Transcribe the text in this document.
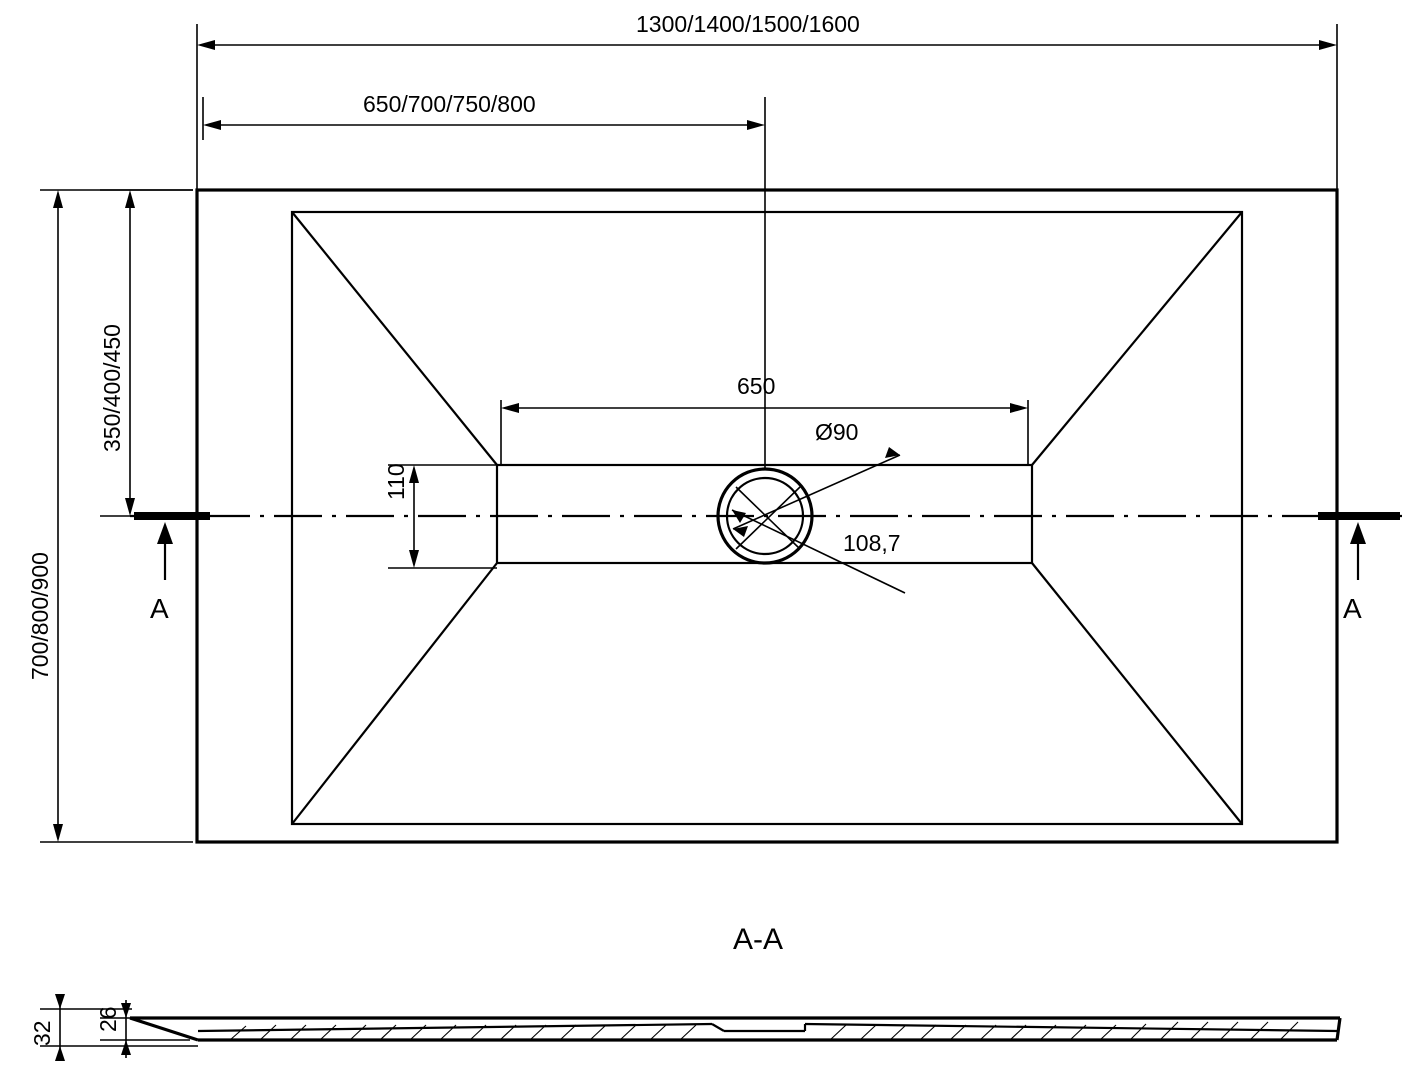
Ø90
108,7
1300/1400/1500/1600
650/700/750/800
700/800/900
350/400/450	650
110
A	A
A-A
32
26
